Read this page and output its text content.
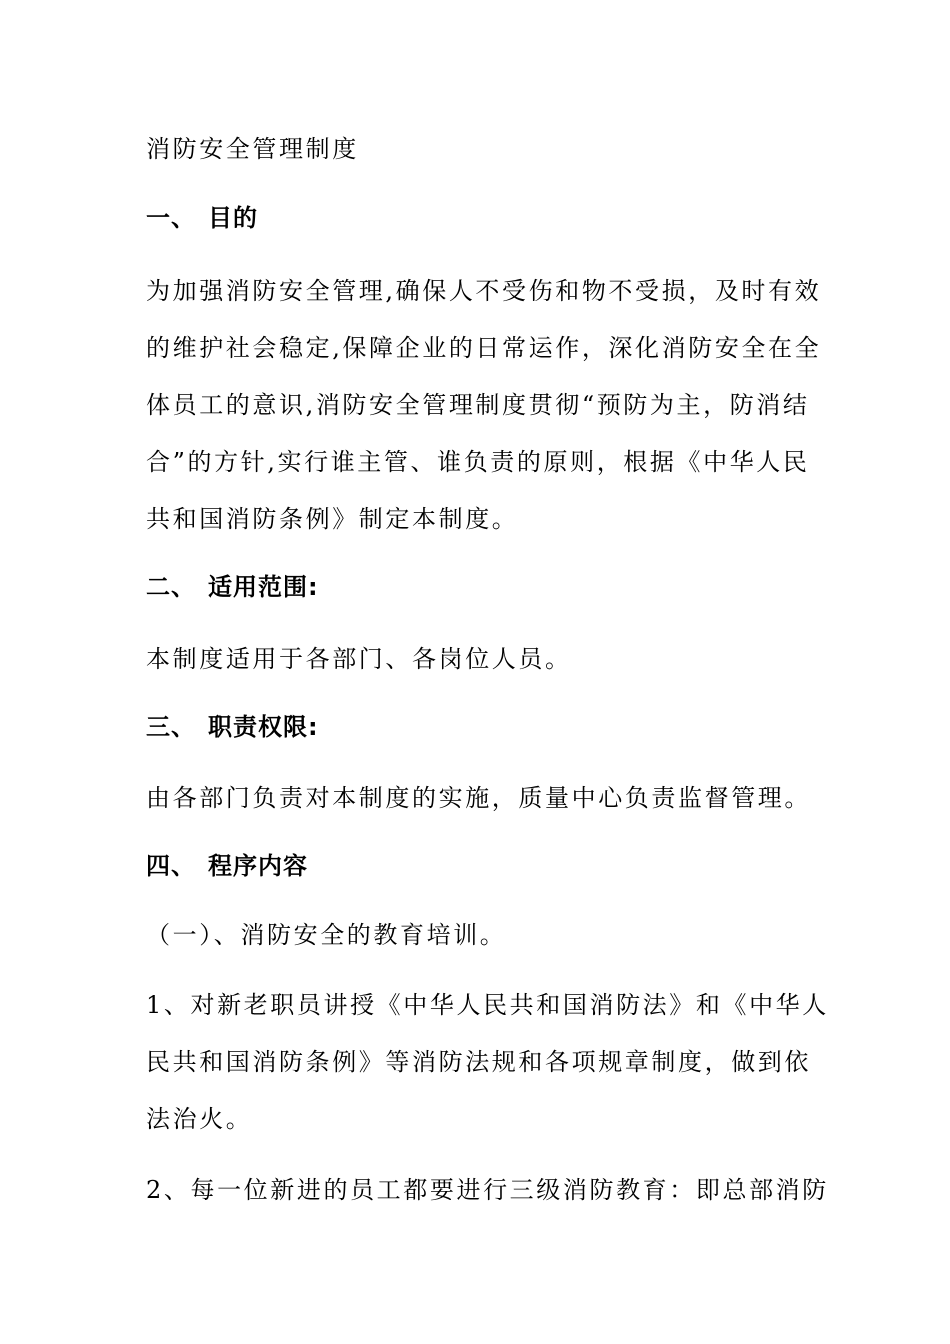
消防安全管理制度
一、 目的
为加强消防安全管理,确保人不受伤和物不受损，及时有效
的维护社会稳定,保障企业的日常运作，深化消防安全在全
体员工的意识,消防安全管理制度贯彻“预防为主，防消结
合”的方针,实行谁主管、谁负责的原则，根据《中华人民
共和国消防条例》制定本制度。
二、 适用范围:
本制度适用于各部门、各岗位人员。
三、 职责权限:
由各部门负责对本制度的实施，质量中心负责监督管理。
四、 程序内容
（一）、消防安全的教育培训。
1、对新老职员讲授《中华人民共和国消防法》和《中华人
民共和国消防条例》等消防法规和各项规章制度，做到依
法治火。
2、每一位新进的员工都要进行三级消防教育：即总部消防
